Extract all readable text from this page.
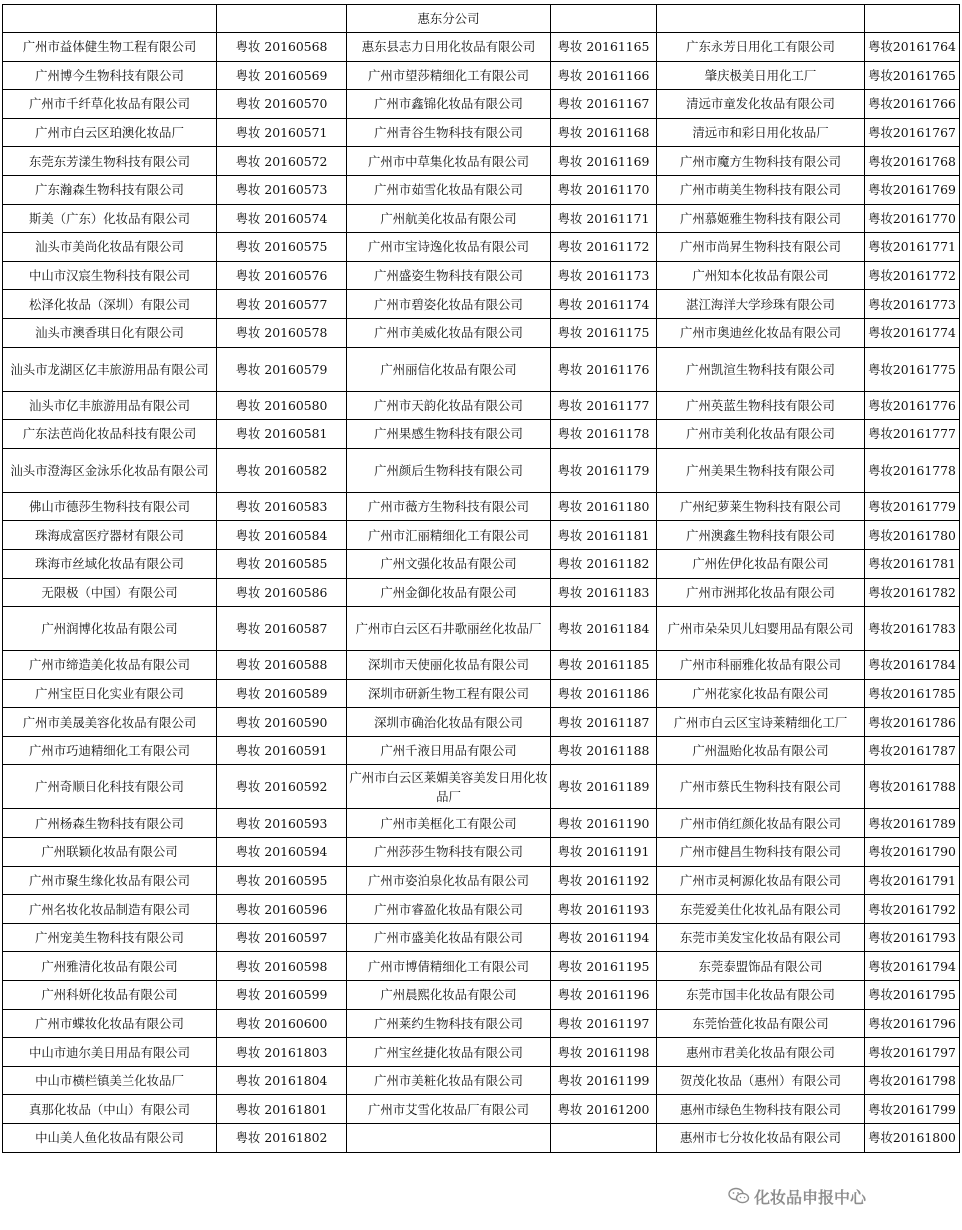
		惠东分公司			
广州市益体健生物工程有限公司	粤妆 20160568	惠东县志力日用化妆品有限公司	粤妆 20161165	广东永芳日用化工有限公司	粤妆20161764
广州博今生物科技有限公司	粤妆 20160569	广州市望莎精细化工有限公司	粤妆 20161166	肇庆极美日用化工厂	粤妆20161765
广州市千纤草化妆品有限公司	粤妆 20160570	广州市鑫锦化妆品有限公司	粤妆 20161167	清远市童发化妆品有限公司	粤妆20161766
广州市白云区珀澳化妆品厂	粤妆 20160571	广州青谷生物科技有限公司	粤妆 20161168	清远市和彩日用化妆品厂	粤妆20161767
东莞东芳漾生物科技有限公司	粤妆 20160572	广州市中草集化妆品有限公司	粤妆 20161169	广州市魔方生物科技有限公司	粤妆20161768
广东瀚森生物科技有限公司	粤妆 20160573	广州市茹雪化妆品有限公司	粤妆 20161170	广州市萌美生物科技有限公司	粤妆20161769
斯美（广东）化妆品有限公司	粤妆 20160574	广州航美化妆品有限公司	粤妆 20161171	广州慕姬雅生物科技有限公司	粤妆20161770
汕头市美尚化妆品有限公司	粤妆 20160575	广州市宝诗逸化妆品有限公司	粤妆 20161172	广州市尚昇生物科技有限公司	粤妆20161771
中山市汉宸生物科技有限公司	粤妆 20160576	广州盛姿生物科技有限公司	粤妆 20161173	广州知本化妆品有限公司	粤妆20161772
松泽化妆品（深圳）有限公司	粤妆 20160577	广州市碧姿化妆品有限公司	粤妆 20161174	湛江海洋大学珍珠有限公司	粤妆20161773
汕头市澳香琪日化有限公司	粤妆 20160578	广州市美威化妆品有限公司	粤妆 20161175	广州市奥迪丝化妆品有限公司	粤妆20161774
汕头市龙湖区亿丰旅游用品有限公司	粤妆 20160579	广州丽信化妆品有限公司	粤妆 20161176	广州凯渲生物科技有限公司	粤妆20161775
汕头市亿丰旅游用品有限公司	粤妆 20160580	广州市天韵化妆品有限公司	粤妆 20161177	广州英蓝生物科技有限公司	粤妆20161776
广东法芭尚化妆品科技有限公司	粤妆 20160581	广州果感生物科技有限公司	粤妆 20161178	广州市美利化妆品有限公司	粤妆20161777
汕头市澄海区金泳乐化妆品有限公司	粤妆 20160582	广州颜后生物科技有限公司	粤妆 20161179	广州美果生物科技有限公司	粤妆20161778
佛山市德莎生物科技有限公司	粤妆 20160583	广州市薇方生物科技有限公司	粤妆 20161180	广州纪萝莱生物科技有限公司	粤妆20161779
珠海成富医疗器材有限公司	粤妆 20160584	广州市汇丽精细化工有限公司	粤妆 20161181	广州澳鑫生物科技有限公司	粤妆20161780
珠海市丝域化妆品有限公司	粤妆 20160585	广州文强化妆品有限公司	粤妆 20161182	广州佐伊化妆品有限公司	粤妆20161781
无限极（中国）有限公司	粤妆 20160586	广州金御化妆品有限公司	粤妆 20161183	广州市洲邦化妆品有限公司	粤妆20161782
广州润博化妆品有限公司	粤妆 20160587	广州市白云区石井歌丽丝化妆品厂	粤妆 20161184	广州市朵朵贝儿妇婴用品有限公司	粤妆20161783
广州市缔造美化妆品有限公司	粤妆 20160588	深圳市天使丽化妆品有限公司	粤妆 20161185	广州市科丽雅化妆品有限公司	粤妆20161784
广州宝臣日化实业有限公司	粤妆 20160589	深圳市研新生物工程有限公司	粤妆 20161186	广州花家化妆品有限公司	粤妆20161785
广州市美晟美容化妆品有限公司	粤妆 20160590	深圳市确治化妆品有限公司	粤妆 20161187	广州市白云区宝诗莱精细化工厂	粤妆20161786
广州市巧迪精细化工有限公司	粤妆 20160591	广州千液日用品有限公司	粤妆 20161188	广州温贻化妆品有限公司	粤妆20161787
广州奇顺日化科技有限公司	粤妆 20160592	广州市白云区莱媚美容美发日用化妆品厂	粤妆 20161189	广州市蔡氏生物科技有限公司	粤妆20161788
广州杨森生物科技有限公司	粤妆 20160593	广州市美框化工有限公司	粤妆 20161190	广州市俏红颜化妆品有限公司	粤妆20161789
广州联颖化妆品有限公司	粤妆 20160594	广州莎莎生物科技有限公司	粤妆 20161191	广州市健昌生物科技有限公司	粤妆20161790
广州市聚生缘化妆品有限公司	粤妆 20160595	广州市姿泊泉化妆品有限公司	粤妆 20161192	广州市灵柯源化妆品有限公司	粤妆20161791
广州名妆化妆品制造有限公司	粤妆 20160596	广州市睿盈化妆品有限公司	粤妆 20161193	东莞爱美仕化妆礼品有限公司	粤妆20161792
广州宠美生物科技有限公司	粤妆 20160597	广州市盛美化妆品有限公司	粤妆 20161194	东莞市美发宝化妆品有限公司	粤妆20161793
广州雅清化妆品有限公司	粤妆 20160598	广州市博倩精细化工有限公司	粤妆 20161195	东莞泰盟饰品有限公司	粤妆20161794
广州科妍化妆品有限公司	粤妆 20160599	广州晨熙化妆品有限公司	粤妆 20161196	东莞市国丰化妆品有限公司	粤妆20161795
广州市蝶妆化妆品有限公司	粤妆 20160600	广州莱约生物科技有限公司	粤妆 20161197	东莞怡萱化妆品有限公司	粤妆20161796
中山市迪尔美日用品有限公司	粤妆 20161803	广州宝丝捷化妆品有限公司	粤妆 20161198	惠州市君美化妆品有限公司	粤妆20161797
中山市横栏镇美兰化妆品厂	粤妆 20161804	广州市美粧化妆品有限公司	粤妆 20161199	贺茂化妆品（惠州）有限公司	粤妆20161798
真那化妆品（中山）有限公司	粤妆 20161801	广州市艾雪化妆品厂有限公司	粤妆 20161200	惠州市绿色生物科技有限公司	粤妆20161799
中山美人鱼化妆品有限公司	粤妆 20161802			惠州市七分妆化妆品有限公司	粤妆20161800
化妆品申报中心
